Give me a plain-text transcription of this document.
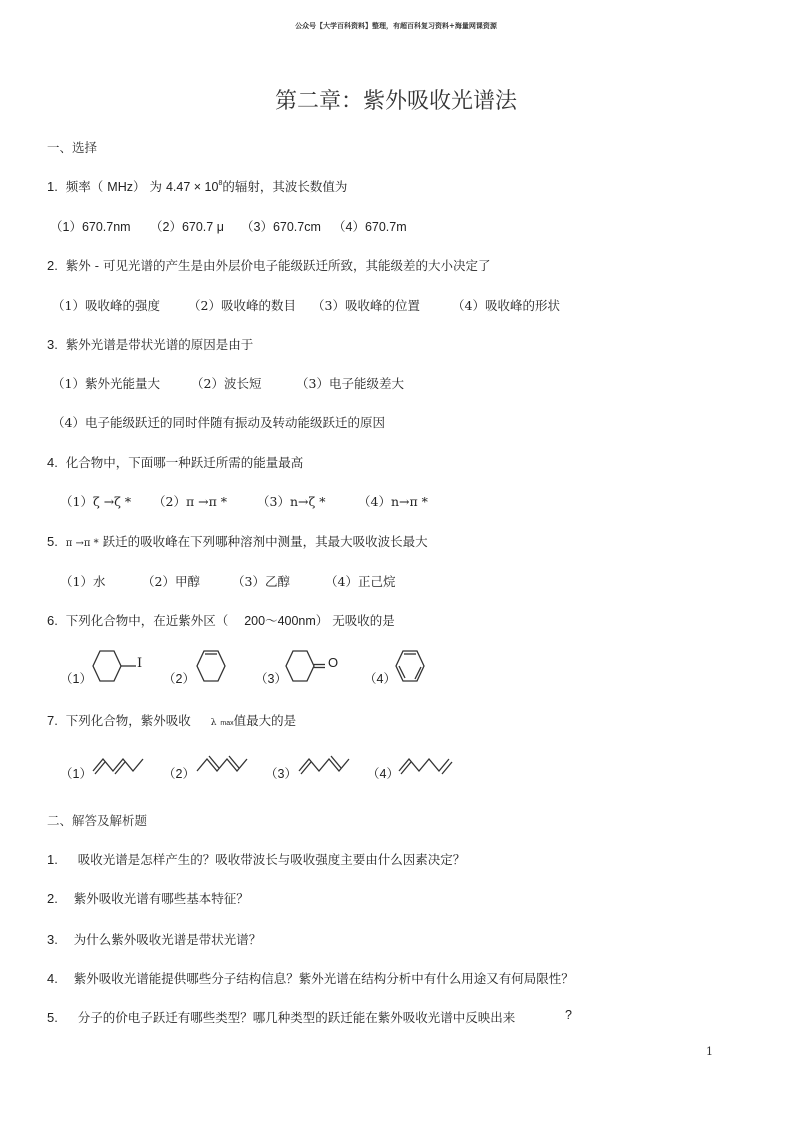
公众号【大学百科资料】整理，有超百科复习资料+海量网课资源
第二章：紫外吸收光谱法
一、选择
1. 频率（ MHz） 为 $4.47 \times 10^8$的辐射，其波长数值为
（1）670.7nm （2）670.7 μ （3）670.7cm （4）670.7m
2. 紫外 - 可见光谱的产生是由外层价电子能级跃迁所致，其能级差的大小决定了
（1）吸收峰的强度 （2）吸收峰的数目 （3）吸收峰的位置	（4）吸收峰的形状
3. 紫外光谱是带状光谱的原因是由于
（1）紫外光能量大 （2）波长短	（3）电子能级差大
（4）电子能级跃迁的同时伴随有振动及转动能级跃迁的原因
4. 化合物中，下面哪一种跃迁所需的能量最高
（1）ζ →ζ * （2）π →π * （3）n→ζ *	（4）n→π *
5. π →π * 跃迁的吸收峰在下列哪种溶剂中测量，其最大吸收波长最大
（1）水	（2）甲醇	（3）乙醇	（4）正己烷
6. 下列化合物中，在近紫外区（ 200～400nm） 无吸收的是
（1）	（2）	（3）	（4）
I	O
7. 下列化合物，紫外吸收 λ max值最大的是
（1）	（2）	（3）	（4）
二、解答及解析题
1. 吸收光谱是怎样产生的？吸收带波长与吸收强度主要由什么因素决定？
2. 紫外吸收光谱有哪些基本特征？
3. 为什么紫外吸收光谱是带状光谱？
4. 紫外吸收光谱能提供哪些分子结构信息？紫外光谱在结构分析中有什么用途又有何局限性？
5. 分子的价电子跃迁有哪些类型？哪几种类型的跃迁能在紫外吸收光谱中反映出来	?
1
